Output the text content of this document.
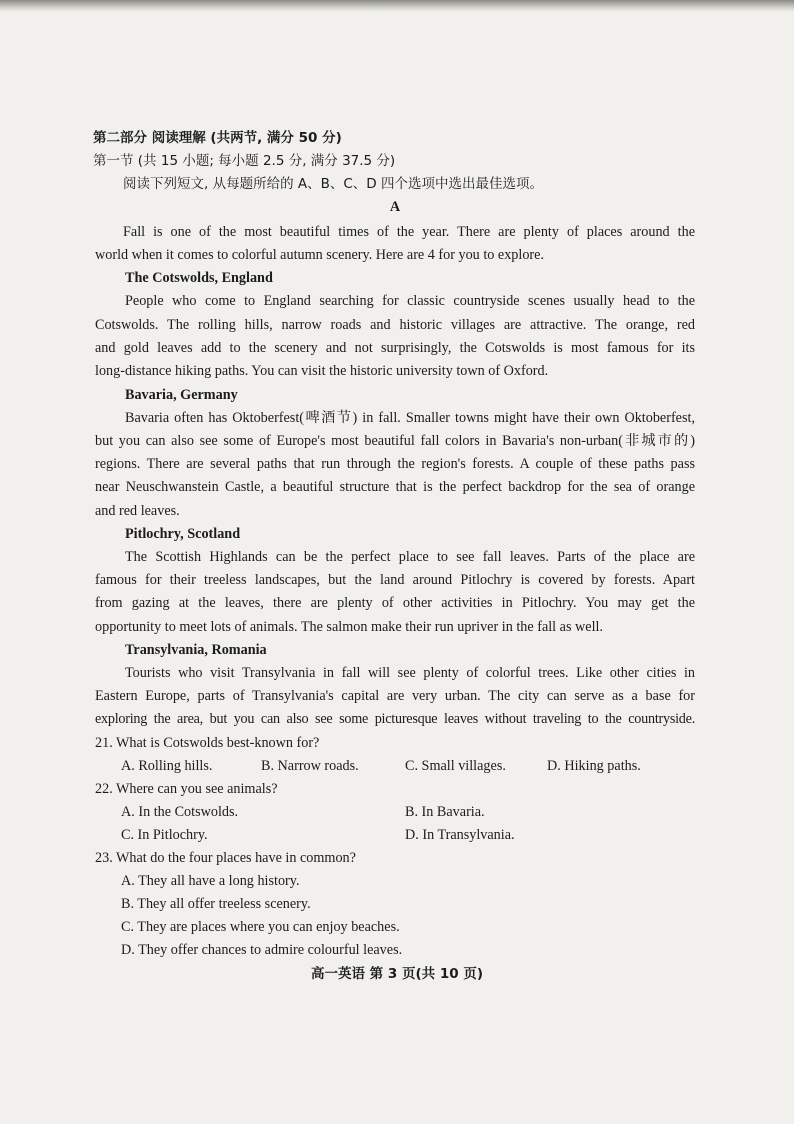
第二部分 阅读理解 (共两节, 满分 50 分)
第一节 (共 15 小题; 每小题 2.5 分, 满分 37.5 分)
阅读下列短文, 从每题所给的 A、B、C、D 四个选项中选出最佳选项。
A
Fall is one of the most beautiful times of the year. There are plenty of places around the
world when it comes to colorful autumn scenery. Here are 4 for you to explore.
The Cotswolds, England
People who come to England searching for classic countryside scenes usually head to the
Cotswolds. The rolling hills, narrow roads and historic villages are attractive. The orange, red
and gold leaves add to the scenery and not surprisingly, the Cotswolds is most famous for its
long-distance hiking paths. You can visit the historic university town of Oxford.
Bavaria, Germany
Bavaria often has Oktoberfest(啤酒节) in fall. Smaller towns might have their own Oktoberfest,
but you can also see some of Europe's most beautiful fall colors in Bavaria's non-urban(非城市的)
regions. There are several paths that run through the region's forests. A couple of these paths pass
near Neuschwanstein Castle, a beautiful structure that is the perfect backdrop for the sea of orange
and red leaves.
Pitlochry, Scotland
The Scottish Highlands can be the perfect place to see fall leaves. Parts of the place are
famous for their treeless landscapes, but the land around Pitlochry is covered by forests. Apart
from gazing at the leaves, there are plenty of other activities in Pitlochry. You may get the
opportunity to meet lots of animals. The salmon make their run upriver in the fall as well.
Transylvania, Romania
Tourists who visit Transylvania in fall will see plenty of colorful trees. Like other cities in
Eastern Europe, parts of Transylvania's capital are very urban. The city can serve as a base for
exploring the area, but you can also see some picturesque leaves without traveling to the countryside.
21. What is Cotswolds best-known for?
A. Rolling hills.	B. Narrow roads.	C. Small villages.	D. Hiking paths.
22. Where can you see animals?
A. In the Cotswolds.	B. In Bavaria.
C. In Pitlochry.	D. In Transylvania.
23. What do the four places have in common?
A. They all have a long history.
B. They all offer treeless scenery.
C. They are places where you can enjoy beaches.
D. They offer chances to admire colourful leaves.
高一英语 第 3 页(共 10 页)
